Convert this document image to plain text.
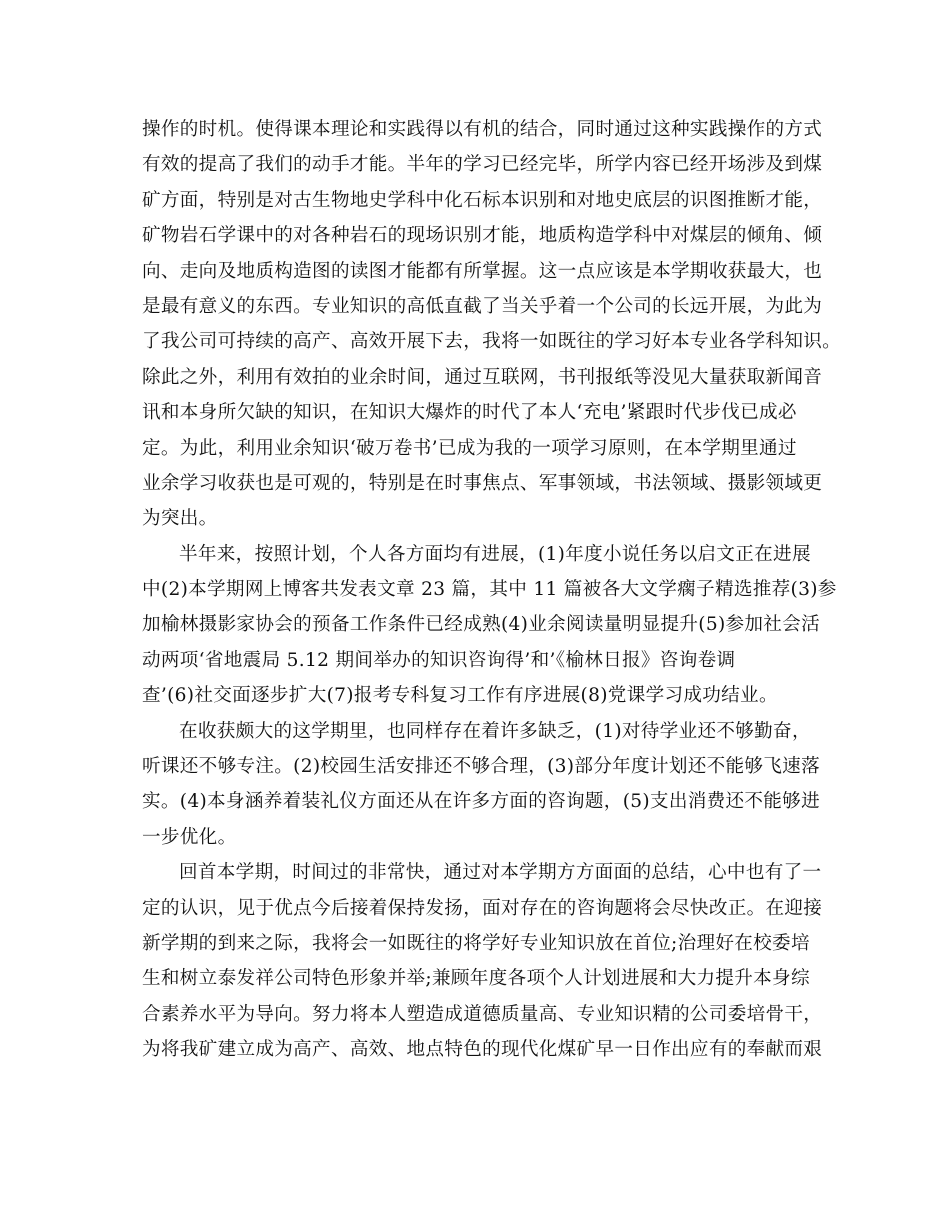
操作的时机。使得课本理论和实践得以有机的结合，同时通过这种实践操作的方式
有效的提高了我们的动手才能。半年的学习已经完毕，所学内容已经开场涉及到煤
矿方面，特别是对古生物地史学科中化石标本识别和对地史底层的识图推断才能，
矿物岩石学课中的对各种岩石的现场识别才能，地质构造学科中对煤层的倾角、倾
向、走向及地质构造图的读图才能都有所掌握。这一点应该是本学期收获最大，也
是最有意义的东西。专业知识的高低直截了当关乎着一个公司的长远开展，为此为
了我公司可持续的高产、高效开展下去，我将一如既往的学习好本专业各学科知识。
除此之外，利用有效拍的业余时间，通过互联网，书刊报纸等没见大量获取新闻音
讯和本身所欠缺的知识，在知识大爆炸的时代了本人‘充电’紧跟时代步伐已成必
定。为此，利用业余知识‘破万卷书’已成为我的一项学习原则，在本学期里通过
业余学习收获也是可观的，特别是在时事焦点、军事领域，书法领域、摄影领域更
为突出。
半年来，按照计划，个人各方面均有进展，(1)年度小说任务以启文正在进展
中(2)本学期网上博客共发表文章 23 篇，其中 11 篇被各大文学瘸子精选推荐(3)参
加榆林摄影家协会的预备工作条件已经成熟(4)业余阅读量明显提升(5)参加社会活
动两项‘省地震局 5.12 期间举办的知识咨询得’和’《榆林日报》咨询卷调
查’(6)社交面逐步扩大(7)报考专科复习工作有序进展(8)党课学习成功结业。
在收获颇大的这学期里，也同样存在着许多缺乏，(1)对待学业还不够勤奋，
听课还不够专注。(2)校园生活安排还不够合理，(3)部分年度计划还不能够飞速落
实。(4)本身涵养着装礼仪方面还从在许多方面的咨询题，(5)支出消费还不能够进
一步优化。
回首本学期，时间过的非常快，通过对本学期方方面面的总结，心中也有了一
定的认识，见于优点今后接着保持发扬，面对存在的咨询题将会尽快改正。在迎接
新学期的到来之际，我将会一如既往的将学好专业知识放在首位;治理好在校委培
生和树立泰发祥公司特色形象并举;兼顾年度各项个人计划进展和大力提升本身综
合素养水平为导向。努力将本人塑造成道德质量高、专业知识精的公司委培骨干，
为将我矿建立成为高产、高效、地点特色的现代化煤矿早一日作出应有的奉献而艰
